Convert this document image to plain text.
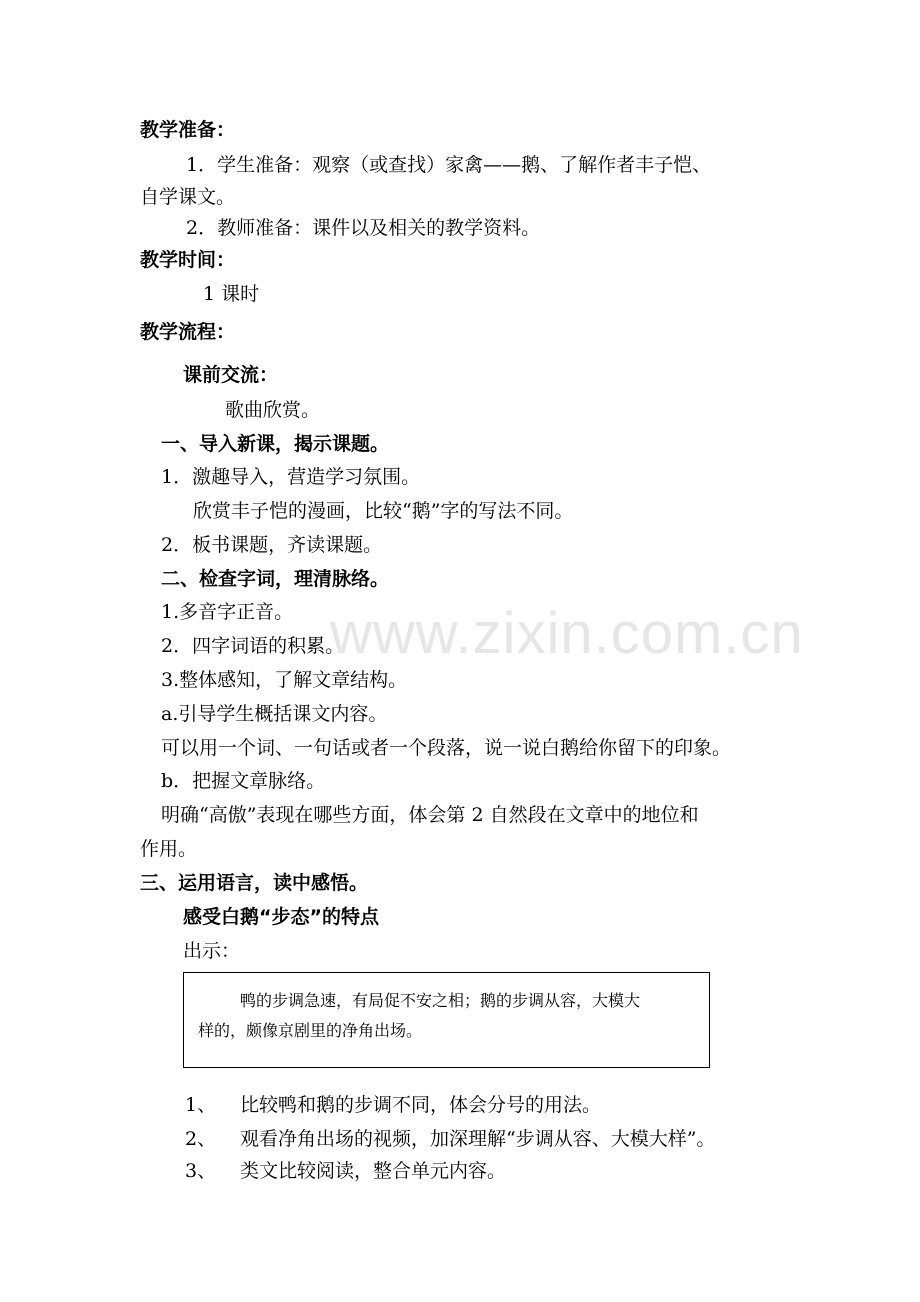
www.zixin.com.cn
教学准备：
1．学生准备：观察（或查找）家禽——鹅、了解作者丰子恺、
自学课文。
2．教师准备：课件以及相关的教学资料。
教学时间：
1 课时
教学流程：
课前交流：
歌曲欣赏。
一、导入新课，揭示课题。
1．激趣导入，营造学习氛围。
欣赏丰子恺的漫画，比较“鹅”字的写法不同。
2．板书课题，齐读课题。
二、检查字词，理清脉络。
1.多音字正音。
2．四字词语的积累。
3.整体感知，了解文章结构。
a.引导学生概括课文内容。
可以用一个词、一句话或者一个段落，说一说白鹅给你留下的印象。
b．把握文章脉络。
明确“高傲”表现在哪些方面，体会第 2 自然段在文章中的地位和
作用。
三、运用语言，读中感悟。
感受白鹅“步态”的特点
出示：
鸭的步调急速，有局促不安之相；鹅的步调从容，大模大
样的，颇像京剧里的净角出场。
1、 比较鸭和鹅的步调不同，体会分号的用法。
2、 观看净角出场的视频，加深理解“步调从容、大模大样”。
3、 类文比较阅读，整合单元内容。
